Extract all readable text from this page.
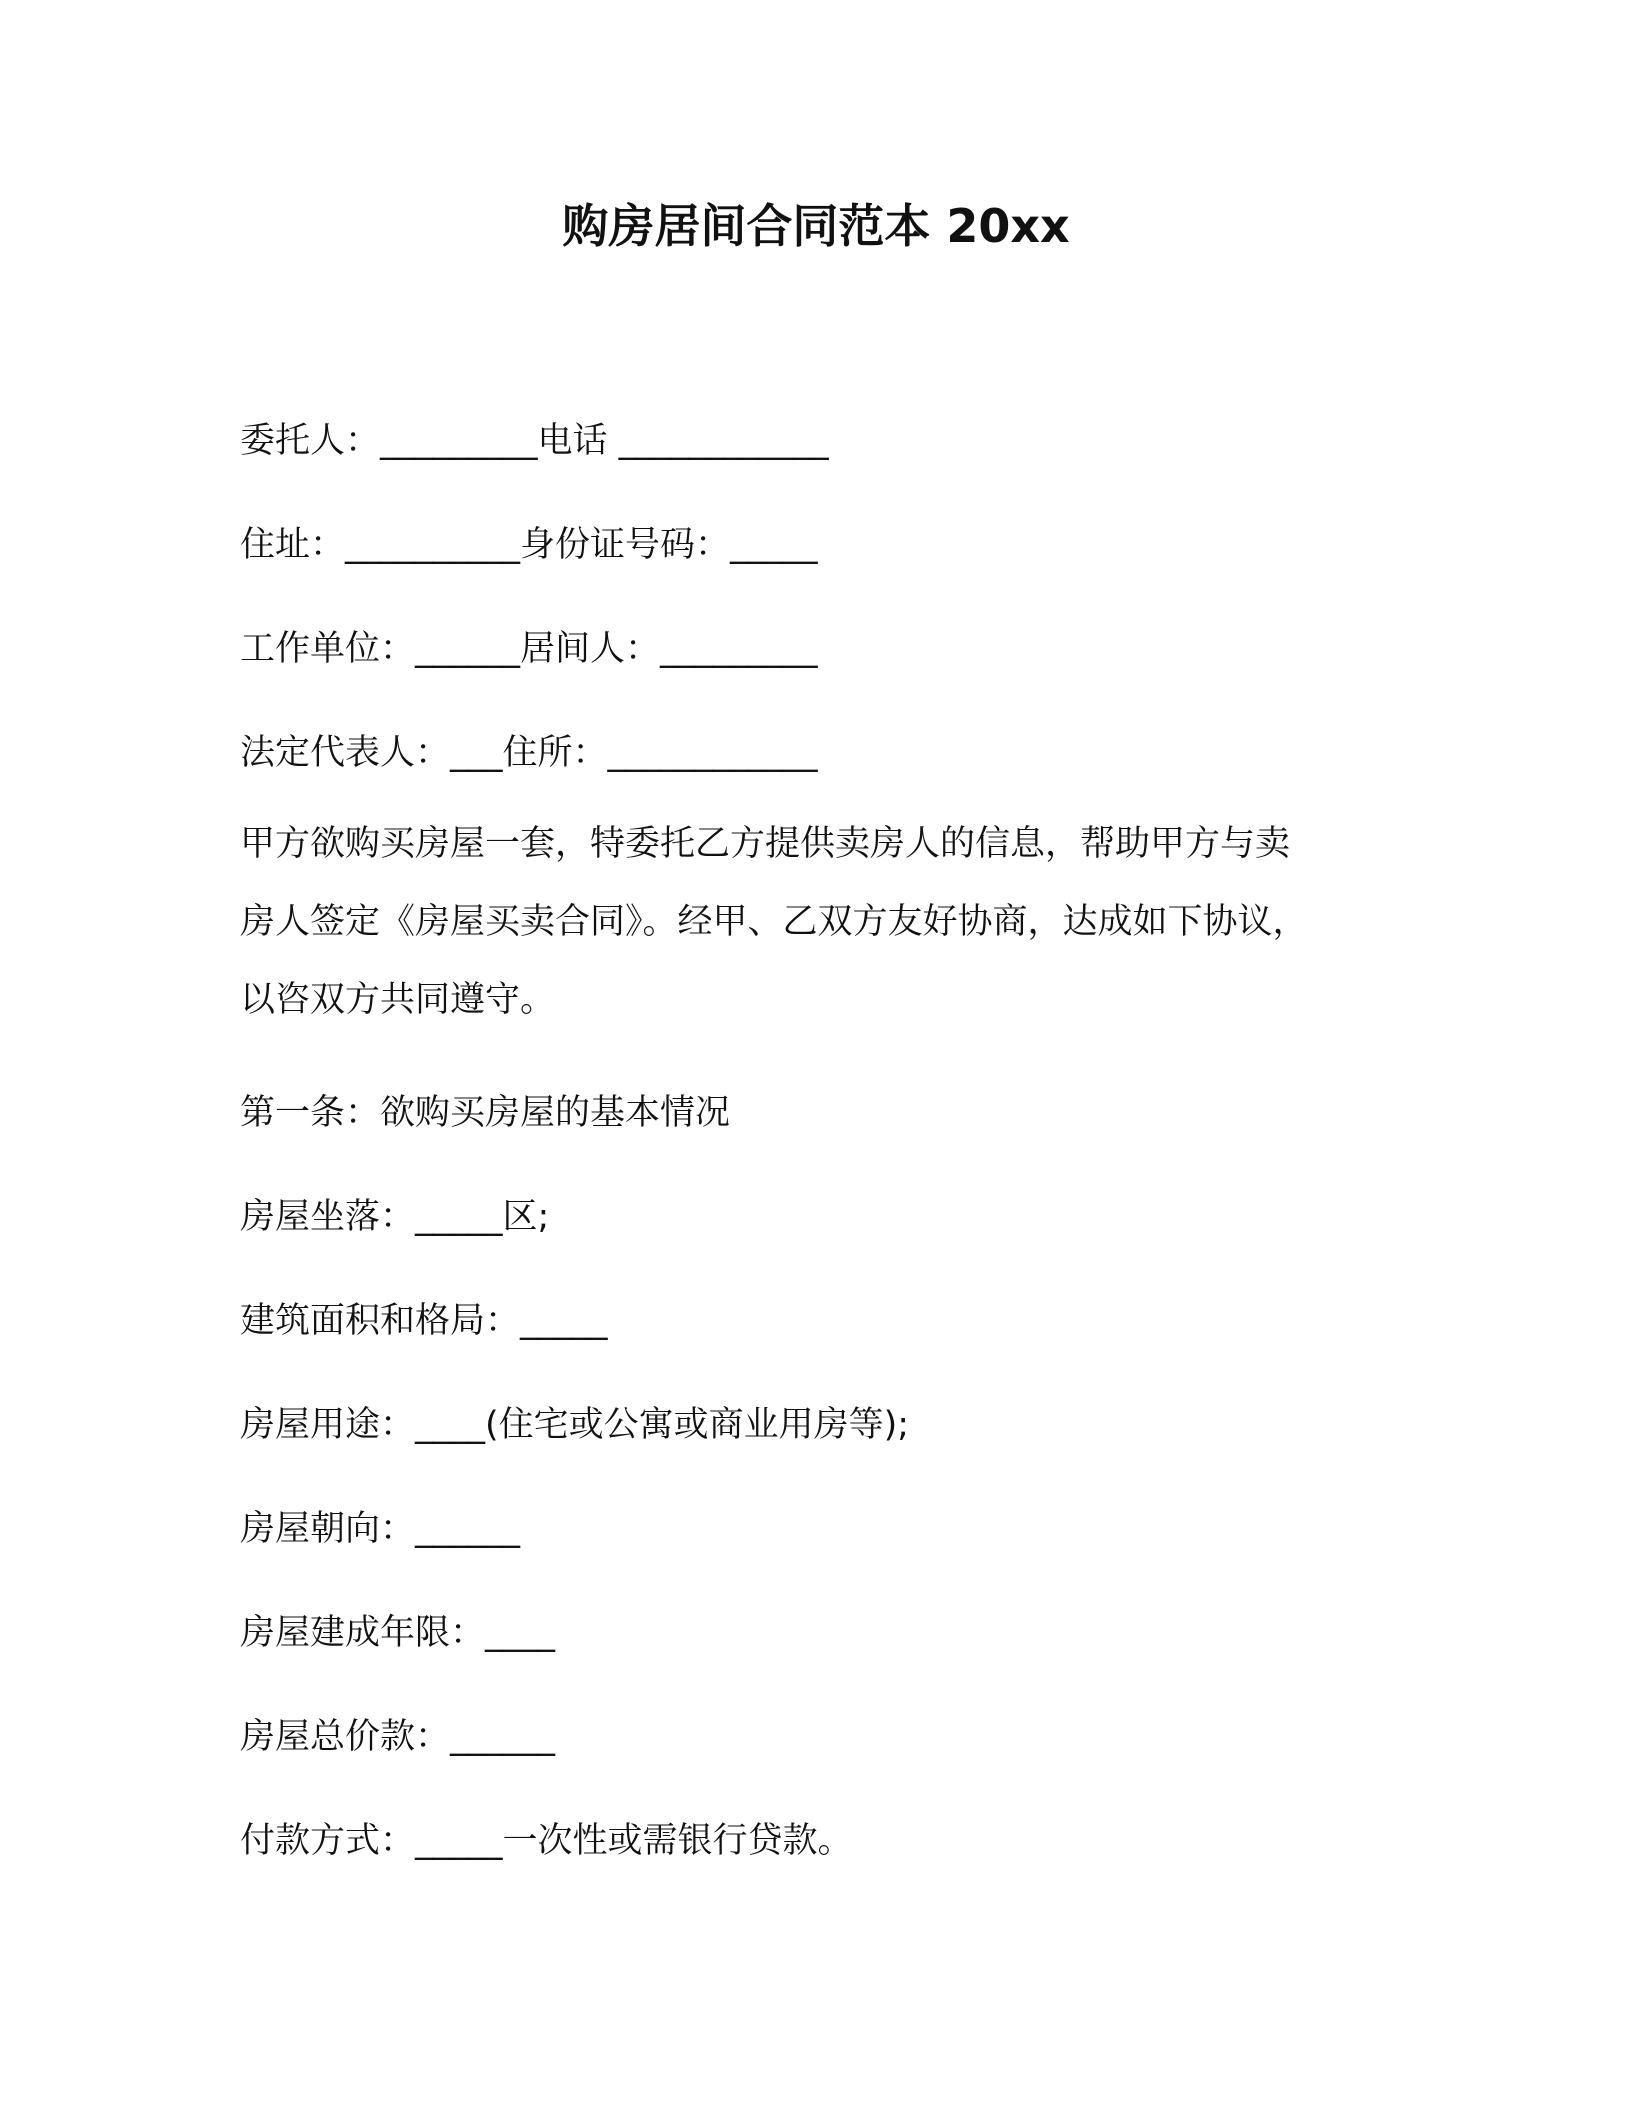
购房居间合同范本 20xx

委托人：_________电话 ____________

住址：__________身份证号码：_____

工作单位：______居间人：_________

法定代表人：___住所：____________

甲方欲购买房屋一套，特委托乙方提供卖房人的信息，帮助甲方与卖
房人签定《房屋买卖合同》。经甲、乙双方友好协商，达成如下协议，
以咨双方共同遵守。

第一条：欲购买房屋的基本情况

房屋坐落：_____区;

建筑面积和格局：_____

房屋用途：____(住宅或公寓或商业用房等);

房屋朝向：______

房屋建成年限：____

房屋总价款：______

付款方式：_____一次性或需银行贷款。
